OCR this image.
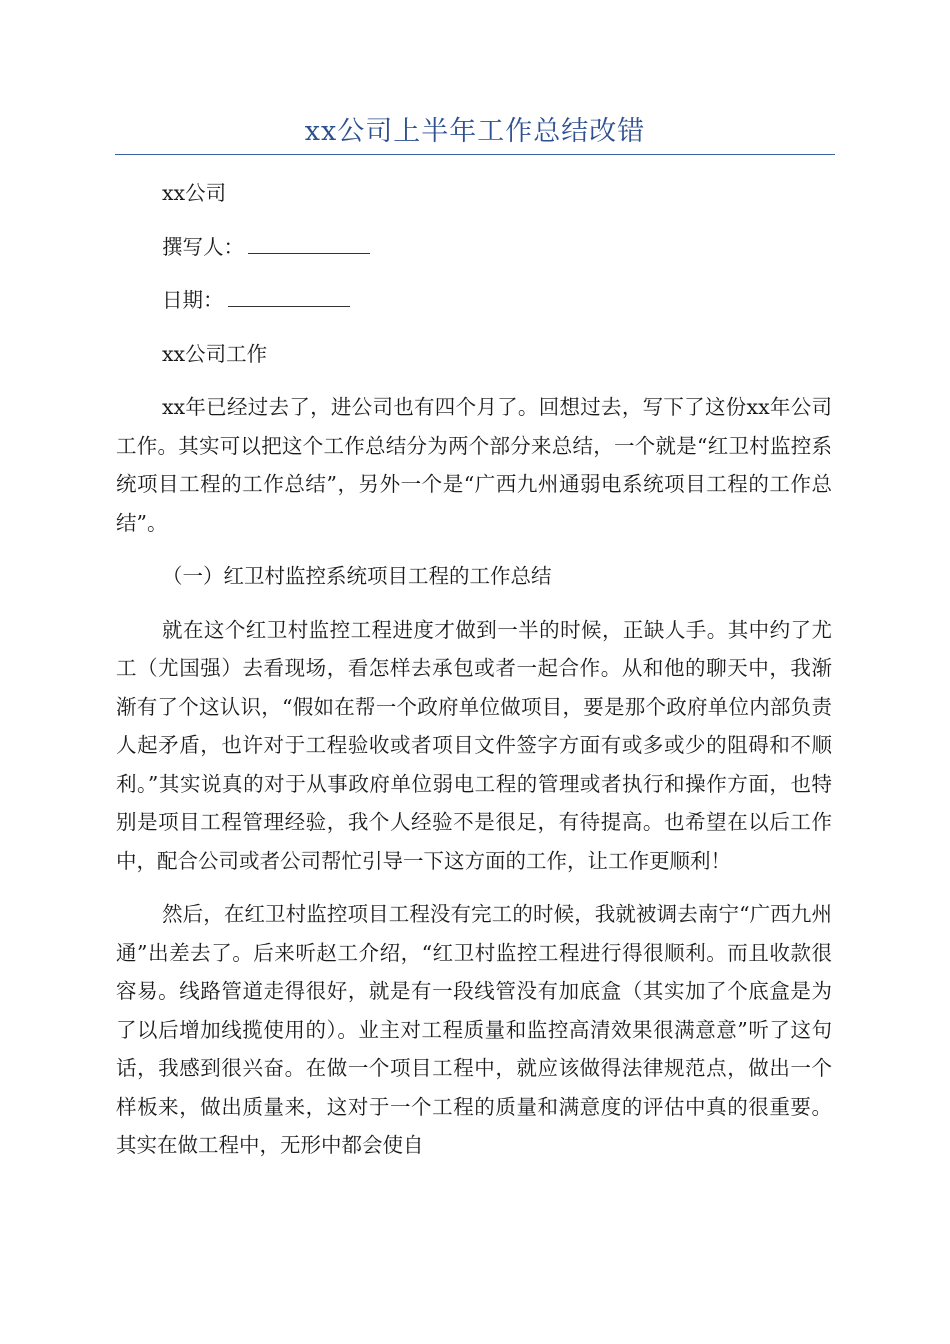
xx公司上半年工作总结改错

xx公司

撰写人：

日期：

xx公司工作

xx年已经过去了，进公司也有四个月了。回想过去，写下了这份xx年公司工作。其实可以把这个工作总结分为两个部分来总结，一个就是“红卫村监控系统项目工程的工作总结”，另外一个是“广西九州通弱电系统项目工程的工作总结”。

（一）红卫村监控系统项目工程的工作总结

就在这个红卫村监控工程进度才做到一半的时候，正缺人手。其中约了尤工（尤国强）去看现场，看怎样去承包或者一起合作。从和他的聊天中，我渐渐有了个这认识，“假如在帮一个政府单位做项目，要是那个政府单位内部负责人起矛盾，也许对于工程验收或者项目文件签字方面有或多或少的阻碍和不顺利。”其实说真的对于从事政府单位弱电工程的管理或者执行和操作方面，也特别是项目工程管理经验，我个人经验不是很足，有待提高。也希望在以后工作中，配合公司或者公司帮忙引导一下这方面的工作，让工作更顺利！

然后，在红卫村监控项目工程没有完工的时候，我就被调去南宁“广西九州通”出差去了。后来听赵工介绍，“红卫村监控工程进行得很顺利。而且收款很容易。线路管道走得很好，就是有一段线管没有加底盒（其实加了个底盒是为了以后增加线揽使用的）。业主对工程质量和监控高清效果很满意意”听了这句话，我感到很兴奋。在做一个项目工程中，就应该做得法律规范点，做出一个样板来，做出质量来，这对于一个工程的质量和满意度的评估中真的很重要。其实在做工程中，无形中都会使自
